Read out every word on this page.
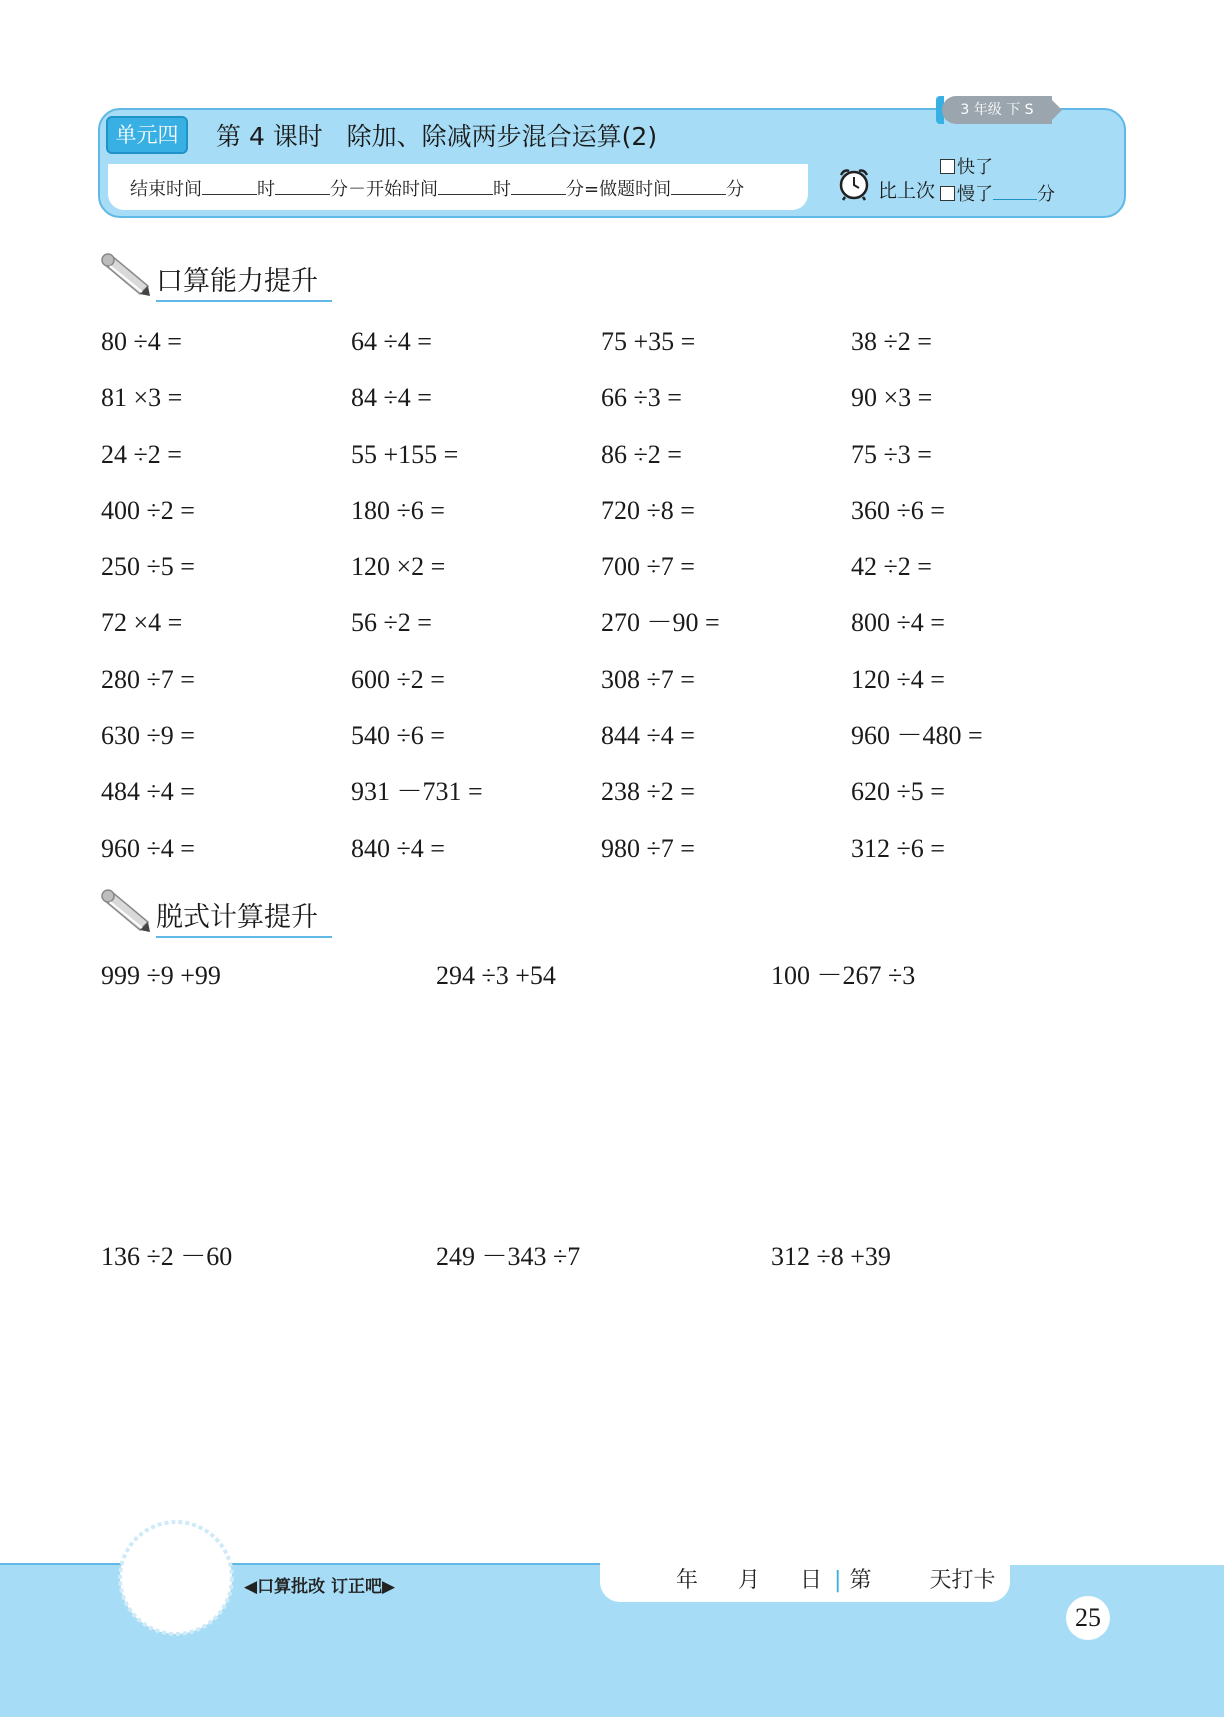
单元四	第 4 课时 除加、除减两步混合运算(2)
3 年级 下 S
结束时间	时	分－开始时间	时	分=做题时间	分	比上次
快了
慢了 分
口算能力提升
80 ÷4 =	64 ÷4 =	75 +35 =	38 ÷2 =
81 ×3 =	84 ÷4 =	66 ÷3 =	90 ×3 =
24 ÷2 =	55 +155 =	86 ÷2 =	75 ÷3 =
400 ÷2 =	180 ÷6 =	720 ÷8 =	360 ÷6 =
250 ÷5 =	120 ×2 =	700 ÷7 =	42 ÷2 =
72 ×4 =	56 ÷2 =	270 －90 =	800 ÷4 =
280 ÷7 =	600 ÷2 =	308 ÷7 =	120 ÷4 =
630 ÷9 =	540 ÷6 =	844 ÷4 =	960 －480 =
484 ÷4 =	931 －731 =	238 ÷2 =	620 ÷5 =
960 ÷4 =	840 ÷4 =	980 ÷7 =	312 ÷6 =
脱式计算提升
999 ÷9 +99	294 ÷3 +54	100 －267 ÷3
136 ÷2 －60	249 －343 ÷7	312 ÷8 +39
◀口算批改 订正吧▶	年 月 日 | 第	天打卡
25
